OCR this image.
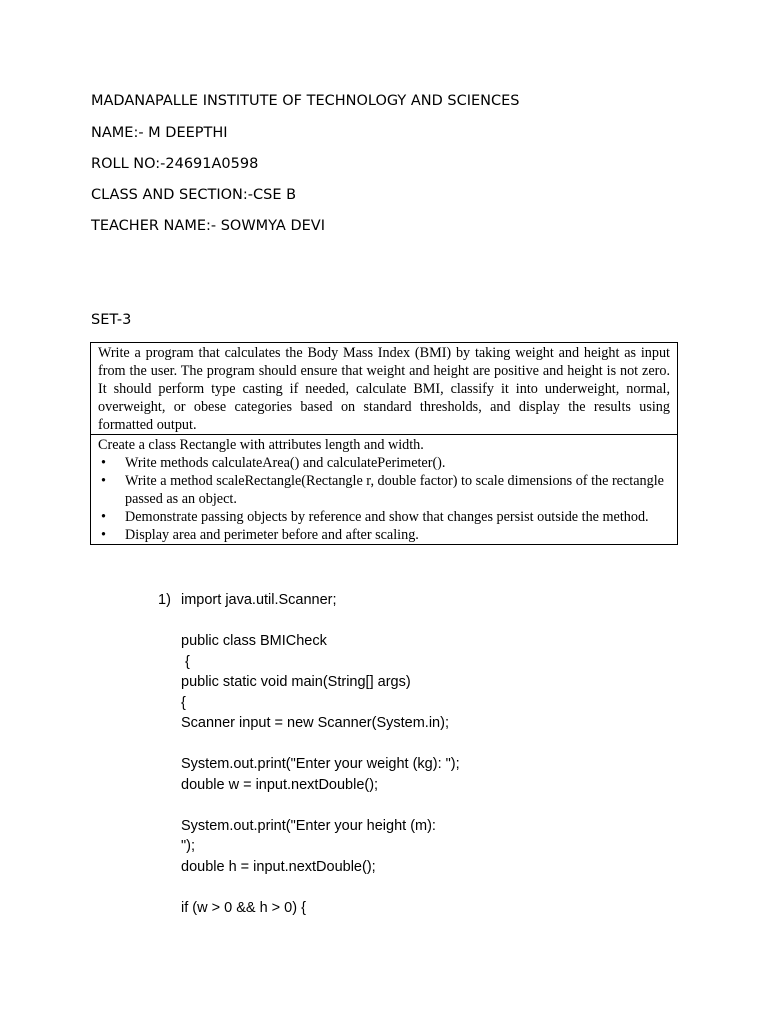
MADANAPALLE INSTITUTE OF TECHNOLOGY AND SCIENCES

NAME:- M DEEPTHI

ROLL NO:-24691A0598

CLASS AND SECTION:-CSE B

TEACHER NAME:- SOWMYA DEVI

SET-3

Write a program that calculates the Body Mass Index (BMI) by taking weight and height as input from the user. The program should ensure that weight and height are positive and height is not zero. It should perform type casting if needed, calculate BMI, classify it into underweight, normal, overweight, or obese categories based on standard thresholds, and display the results using formatted output.

Create a class Rectangle with attributes length and width.
• Write methods calculateArea() and calculatePerimeter().
• Write a method scaleRectangle(Rectangle r, double factor) to scale dimensions of the rectangle passed as an object.
• Demonstrate passing objects by reference and show that changes persist outside the method.
• Display area and perimeter before and after scaling.
1) import java.util.Scanner;
public class BMICheck
{
public static void main(String[] args)
{
Scanner input = new Scanner(System.in);
System.out.print("Enter your weight (kg): ");
double w = input.nextDouble();
System.out.print("Enter your height (m):
");
double h = input.nextDouble();
if (w > 0 && h > 0) {
